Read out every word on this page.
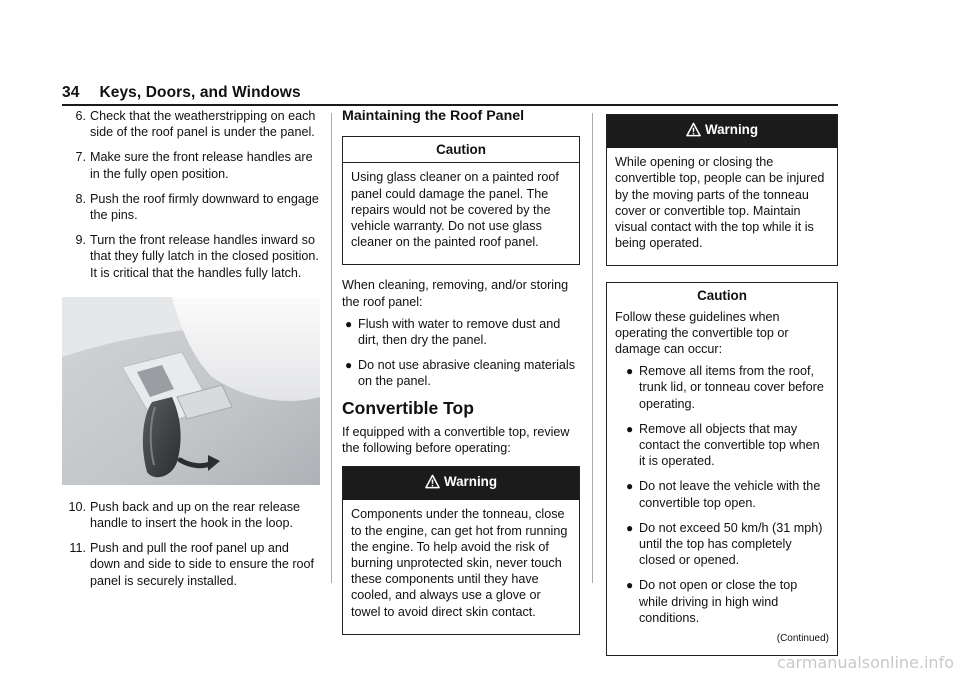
34 Keys, Doors, and Windows
6. Check that the weatherstripping on each side of the roof panel is under the panel.
7. Make sure the front release handles are in the fully open position.
8. Push the roof firmly downward to engage the pins.
9. Turn the front release handles inward so that they fully latch in the closed position. It is critical that the handles fully latch.
10. Push back and up on the rear release handle to insert the hook in the loop.
11. Push and pull the roof panel up and down and side to side to ensure the roof panel is securely installed.
Maintaining the Roof Panel
Caution

Using glass cleaner on a painted roof panel could damage the panel. The repairs would not be covered by the vehicle warranty. Do not use glass cleaner on the painted roof panel.

When cleaning, removing, and/or storing the roof panel:

● Flush with water to remove dust and dirt, then dry the panel.
● Do not use abrasive cleaning materials on the panel.
Convertible Top

If equipped with a convertible top, review the following before operating:

Warning

Components under the tonneau, close to the engine, can get hot from running the engine. To help avoid the risk of burning unprotected skin, never touch these components until they have cooled, and always use a glove or towel to avoid direct skin contact.

Warning

While opening or closing the convertible top, people can be injured by the moving parts of the tonneau cover or convertible top. Maintain visual contact with the top while it is being operated.

Caution

Follow these guidelines when operating the convertible top or damage can occur:

● Remove all items from the roof, trunk lid, or tonneau cover before operating.
● Remove all objects that may contact the convertible top when it is operated.
● Do not leave the vehicle with the convertible top open.
● Do not exceed 50 km/h (31 mph) until the top has completely closed or opened.
● Do not open or close the top while driving in high wind conditions.
(Continued)
carmanualsonline.info
